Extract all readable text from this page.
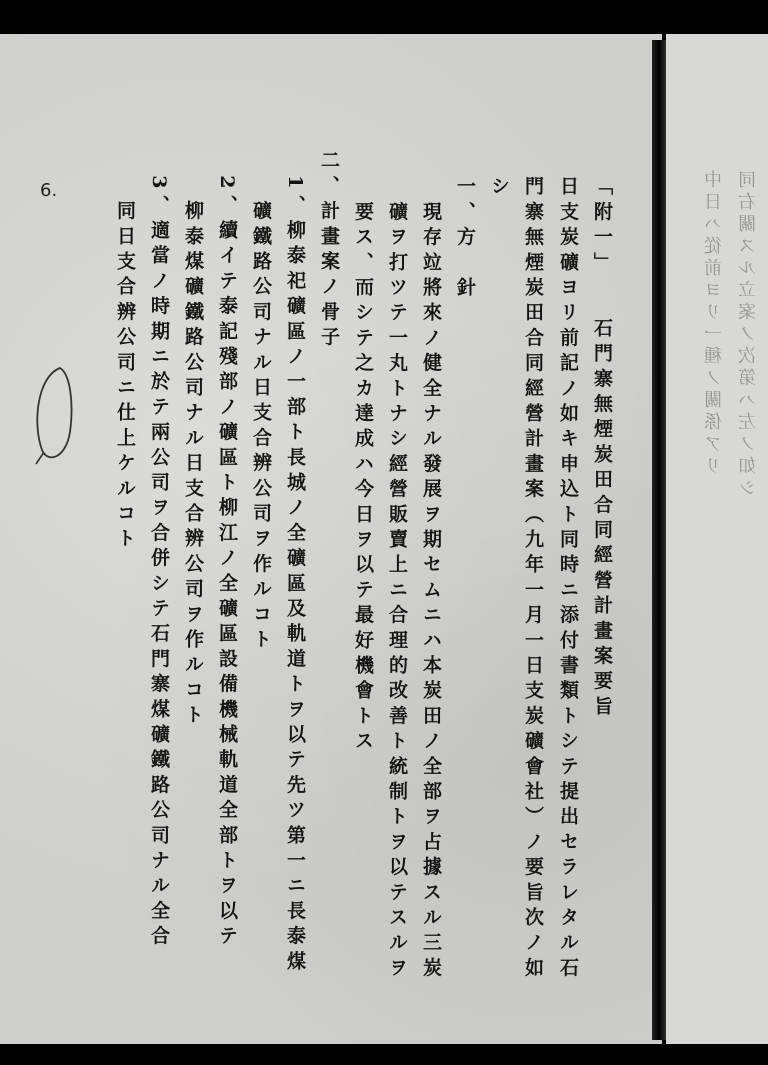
同右關スル立案ノ次第ハ左ノ如シ
中日ハ從前ヨリ一種ノ關係アリ
6.	「附一」　　石門寨無煙炭田合同經營計畫案要旨
日支炭礦ヨリ前記ノ如キ申込ト同時ニ添付書類トシテ提出セラレタル石
門寨無煙炭田合同經營計畫案（九年一月一日支炭礦會社）ノ要旨次ノ如
シ
一、方　針
　現存竝將來ノ健全ナル發展ヲ期セムニハ本炭田ノ全部ヲ占據スル三炭
　礦ヲ打ツテ一丸トナシ經營販賣上ニ合理的改善ト統制トヲ以テスルヲ
　要ス、而シテ之カ達成ハ今日ヲ以テ最好機會トス
二、計畫案ノ骨子
　1、柳泰祀礦區ノ一部ト長城ノ全礦區及軌道トヲ以テ先ツ第一ニ長泰煤
　　礦鐵路公司ナル日支合辨公司ヲ作ルコト
　2、續イテ泰記殘部ノ礦區ト柳江ノ全礦區設備機械軌道全部トヲ以テ
　　柳泰煤礦鐵路公司ナル日支合辨公司ヲ作ルコト
　3、適當ノ時期ニ於テ兩公司ヲ合併シテ石門寨煤礦鐵路公司ナル全合
　　同日支合辨公司ニ仕上ケルコト
